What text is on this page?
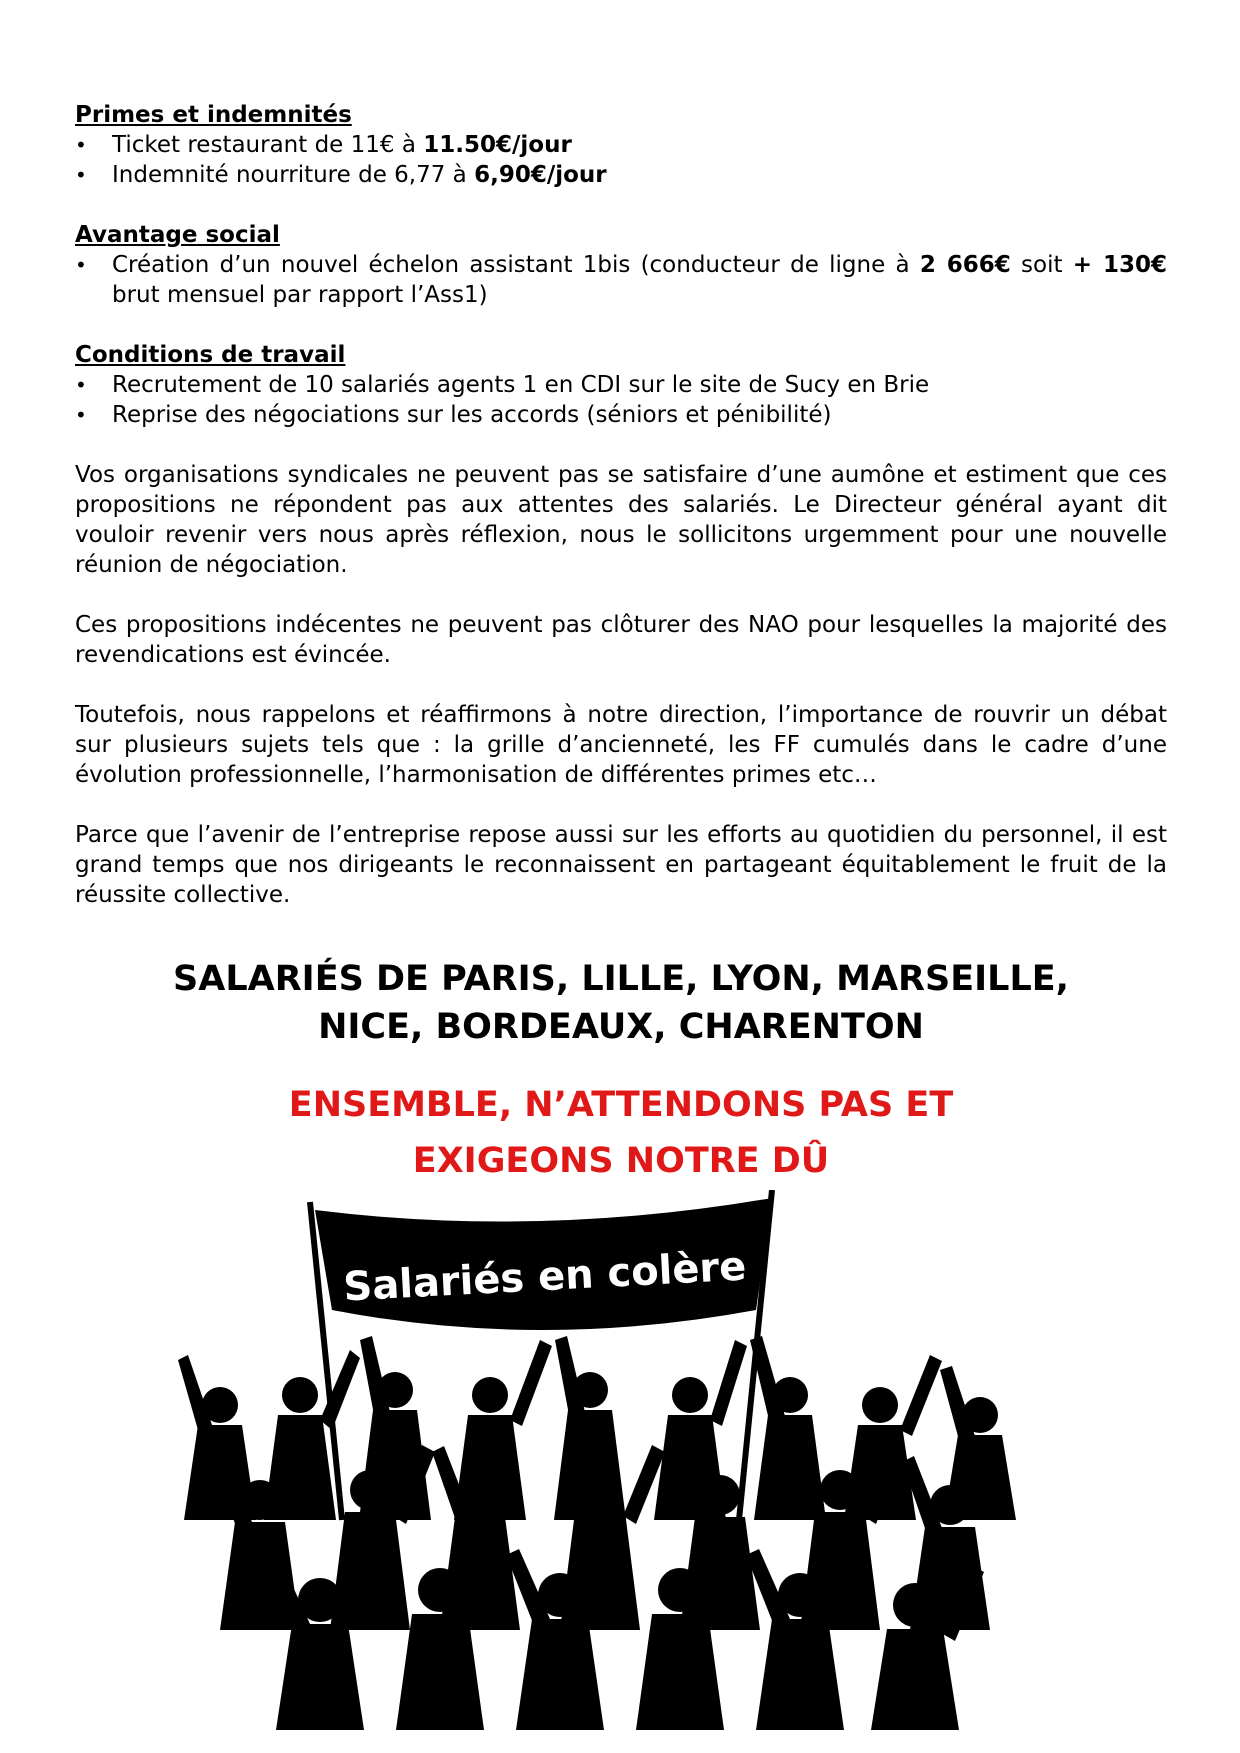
Primes et indemnités
• Ticket restaurant de 11€ à 11.50€/jour
• Indemnité nourriture de 6,77 à 6,90€/jour
Avantage social
• Création d’un nouvel échelon assistant 1bis (conducteur de ligne à 2 666€ soit + 130€ brut mensuel par rapport l’Ass1)
Conditions de travail
• Recrutement de 10 salariés agents 1 en CDI sur le site de Sucy en Brie
• Reprise des négociations sur les accords (séniors et pénibilité)

Vos organisations syndicales ne peuvent pas se satisfaire d’une aumône et estiment que ces propositions ne répondent pas aux attentes des salariés. Le Directeur général ayant dit vouloir revenir vers nous après réflexion, nous le sollicitons urgemment pour une nouvelle réunion de négociation.

Ces propositions indécentes ne peuvent pas clôturer des NAO pour lesquelles la majorité des revendications est évincée.

Toutefois, nous rappelons et réaffirmons à notre direction, l’importance de rouvrir un débat sur plusieurs sujets tels que : la grille d’ancienneté, les FF cumulés dans le cadre d’une évolution professionnelle, l’harmonisation de différentes primes etc…

Parce que l’avenir de l’entreprise repose aussi sur les efforts au quotidien du personnel, il est grand temps que nos dirigeants le reconnaissent en partageant équitablement le fruit de la réussite collective.

SALARIÉS DE PARIS, LILLE, LYON, MARSEILLE,

NICE, BORDEAUX, CHARENTON

ENSEMBLE, N’ATTENDONS PAS ET

EXIGEONS NOTRE DÛ

Salariés en colère
